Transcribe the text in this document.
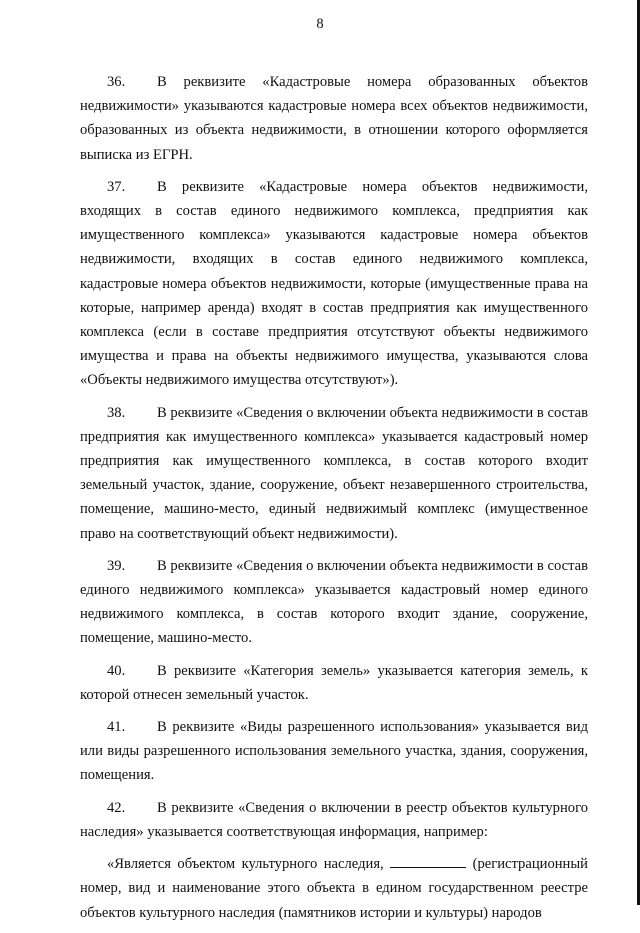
8

36. В реквизите «Кадастровые номера образованных объектов недвижимости» указываются кадастровые номера всех объектов недвижимости, образованных из объекта недвижимости, в отношении которого оформляется выписка из ЕГРН.

37. В реквизите «Кадастровые номера объектов недвижимости, входящих в состав единого недвижимого комплекса, предприятия как имущественного комплекса» указываются кадастровые номера объектов недвижимости, входящих в состав единого недвижимого комплекса, кадастровые номера объектов недвижимости, которые (имущественные права на которые, например аренда) входят в состав предприятия как имущественного комплекса (если в составе предприятия отсутствуют объекты недвижимого имущества и права на объекты недвижимого имущества, указываются слова «Объекты недвижимого имущества отсутствуют»).

38. В реквизите «Сведения о включении объекта недвижимости в состав предприятия как имущественного комплекса» указывается кадастровый номер предприятия как имущественного комплекса, в состав которого входит земельный участок, здание, сооружение, объект незавершенного строительства, помещение, машино-место, единый недвижимый комплекс (имущественное право на соответствующий объект недвижимости).

39. В реквизите «Сведения о включении объекта недвижимости в состав единого недвижимого комплекса» указывается кадастровый номер единого недвижимого комплекса, в состав которого входит здание, сооружение, помещение, машино-место.

40. В реквизите «Категория земель» указывается категория земель, к которой отнесен земельный участок.

41. В реквизите «Виды разрешенного использования» указывается вид или виды разрешенного использования земельного участка, здания, сооружения, помещения.

42. В реквизите «Сведения о включении в реестр объектов культурного наследия» указывается соответствующая информация, например:

«Является объектом культурного наследия,	(регистрационный номер, вид и наименование этого объекта в едином государственном реестре объектов культурного наследия (памятников истории и культуры) народов
